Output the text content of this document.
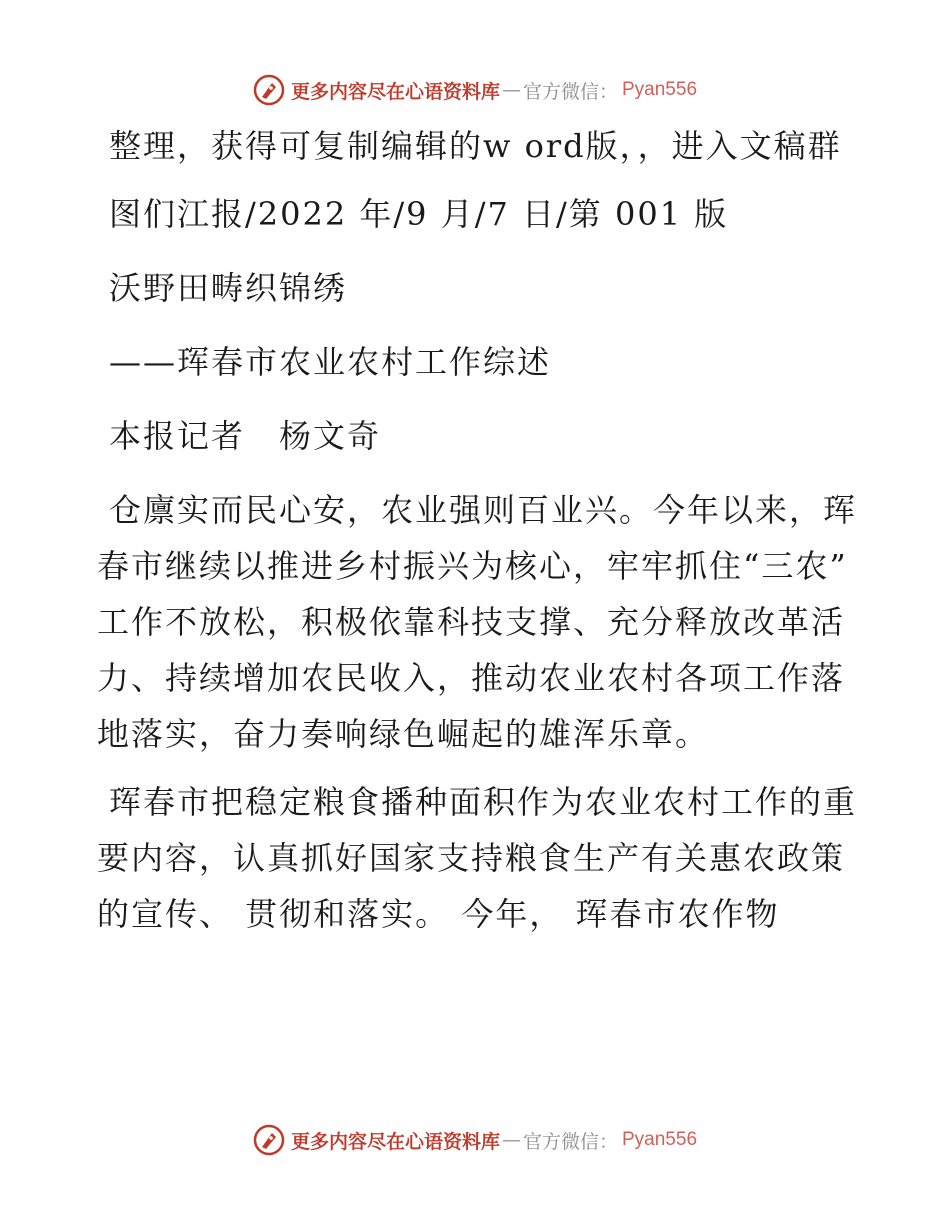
更多内容尽在心语资料库 — 官方微信： Pyan556

整理，获得可复制编辑的w ord版，，进入文稿群

图们江报/2022 年/9 月/7 日/第 001 版

沃野田畴织锦绣

——珲春市农业农村工作综述

本报记者　杨文奇

仓廪实而民心安，农业强则百业兴。今年以来，珲春市继续以推进乡村振兴为核心，牢牢抓住“三农” 工作不放松，积极依靠科技支撑、充分释放改革活力、持续增加农民收入，推动农业农村各项工作落地落实，奋力奏响绿色崛起的雄浑乐章。

珲春市把稳定粮食播种面积作为农业农村工作的重要内容，认真抓好国家支持粮食生产有关惠农政策的宣传、 贯彻和落实。 今年， 珲春市农作物

更多内容尽在心语资料库 — 官方微信： Pyan556
